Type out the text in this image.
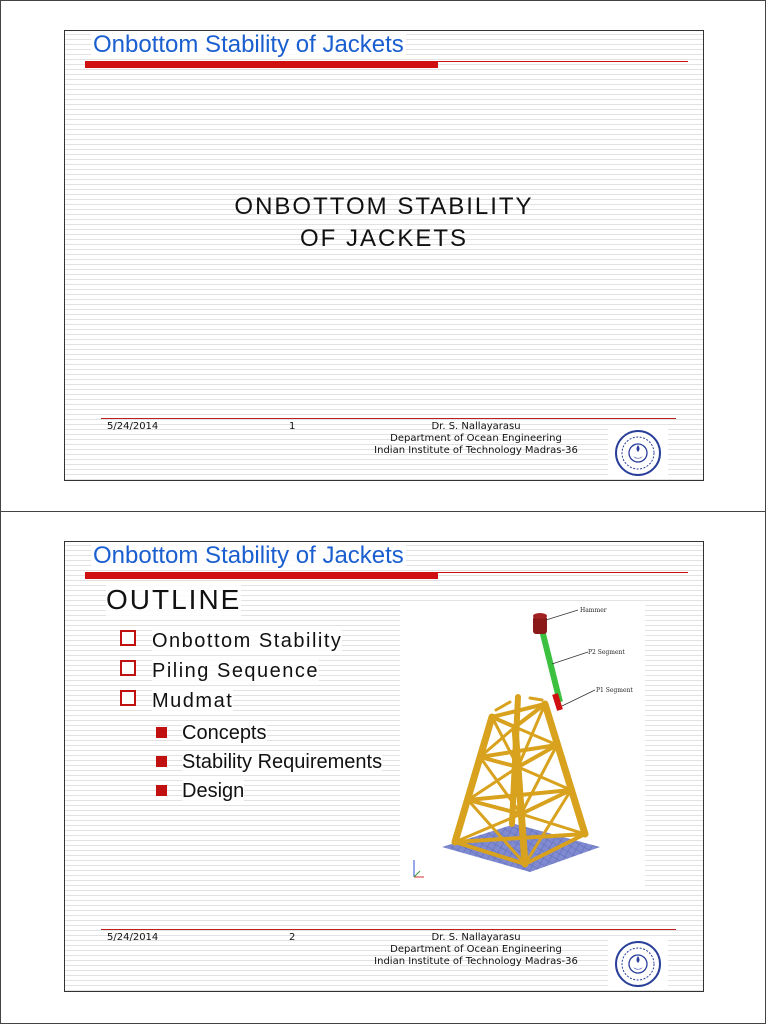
Onbottom Stability of Jackets
ONBOTTOM STABILITY
OF JACKETS
5/24/2014	1	Dr. S. Nallayarasu
Department of Ocean Engineering
Indian Institute of Technology Madras-36
Onbottom Stability of Jackets
OUTLINE
Onbottom Stability
Piling Sequence
Mudmat
Concepts
Stability Requirements
Design
Hammer
P2 Segment
P1 Segment
5/24/2014	2	Dr. S. Nallayarasu
Department of Ocean Engineering
Indian Institute of Technology Madras-36
